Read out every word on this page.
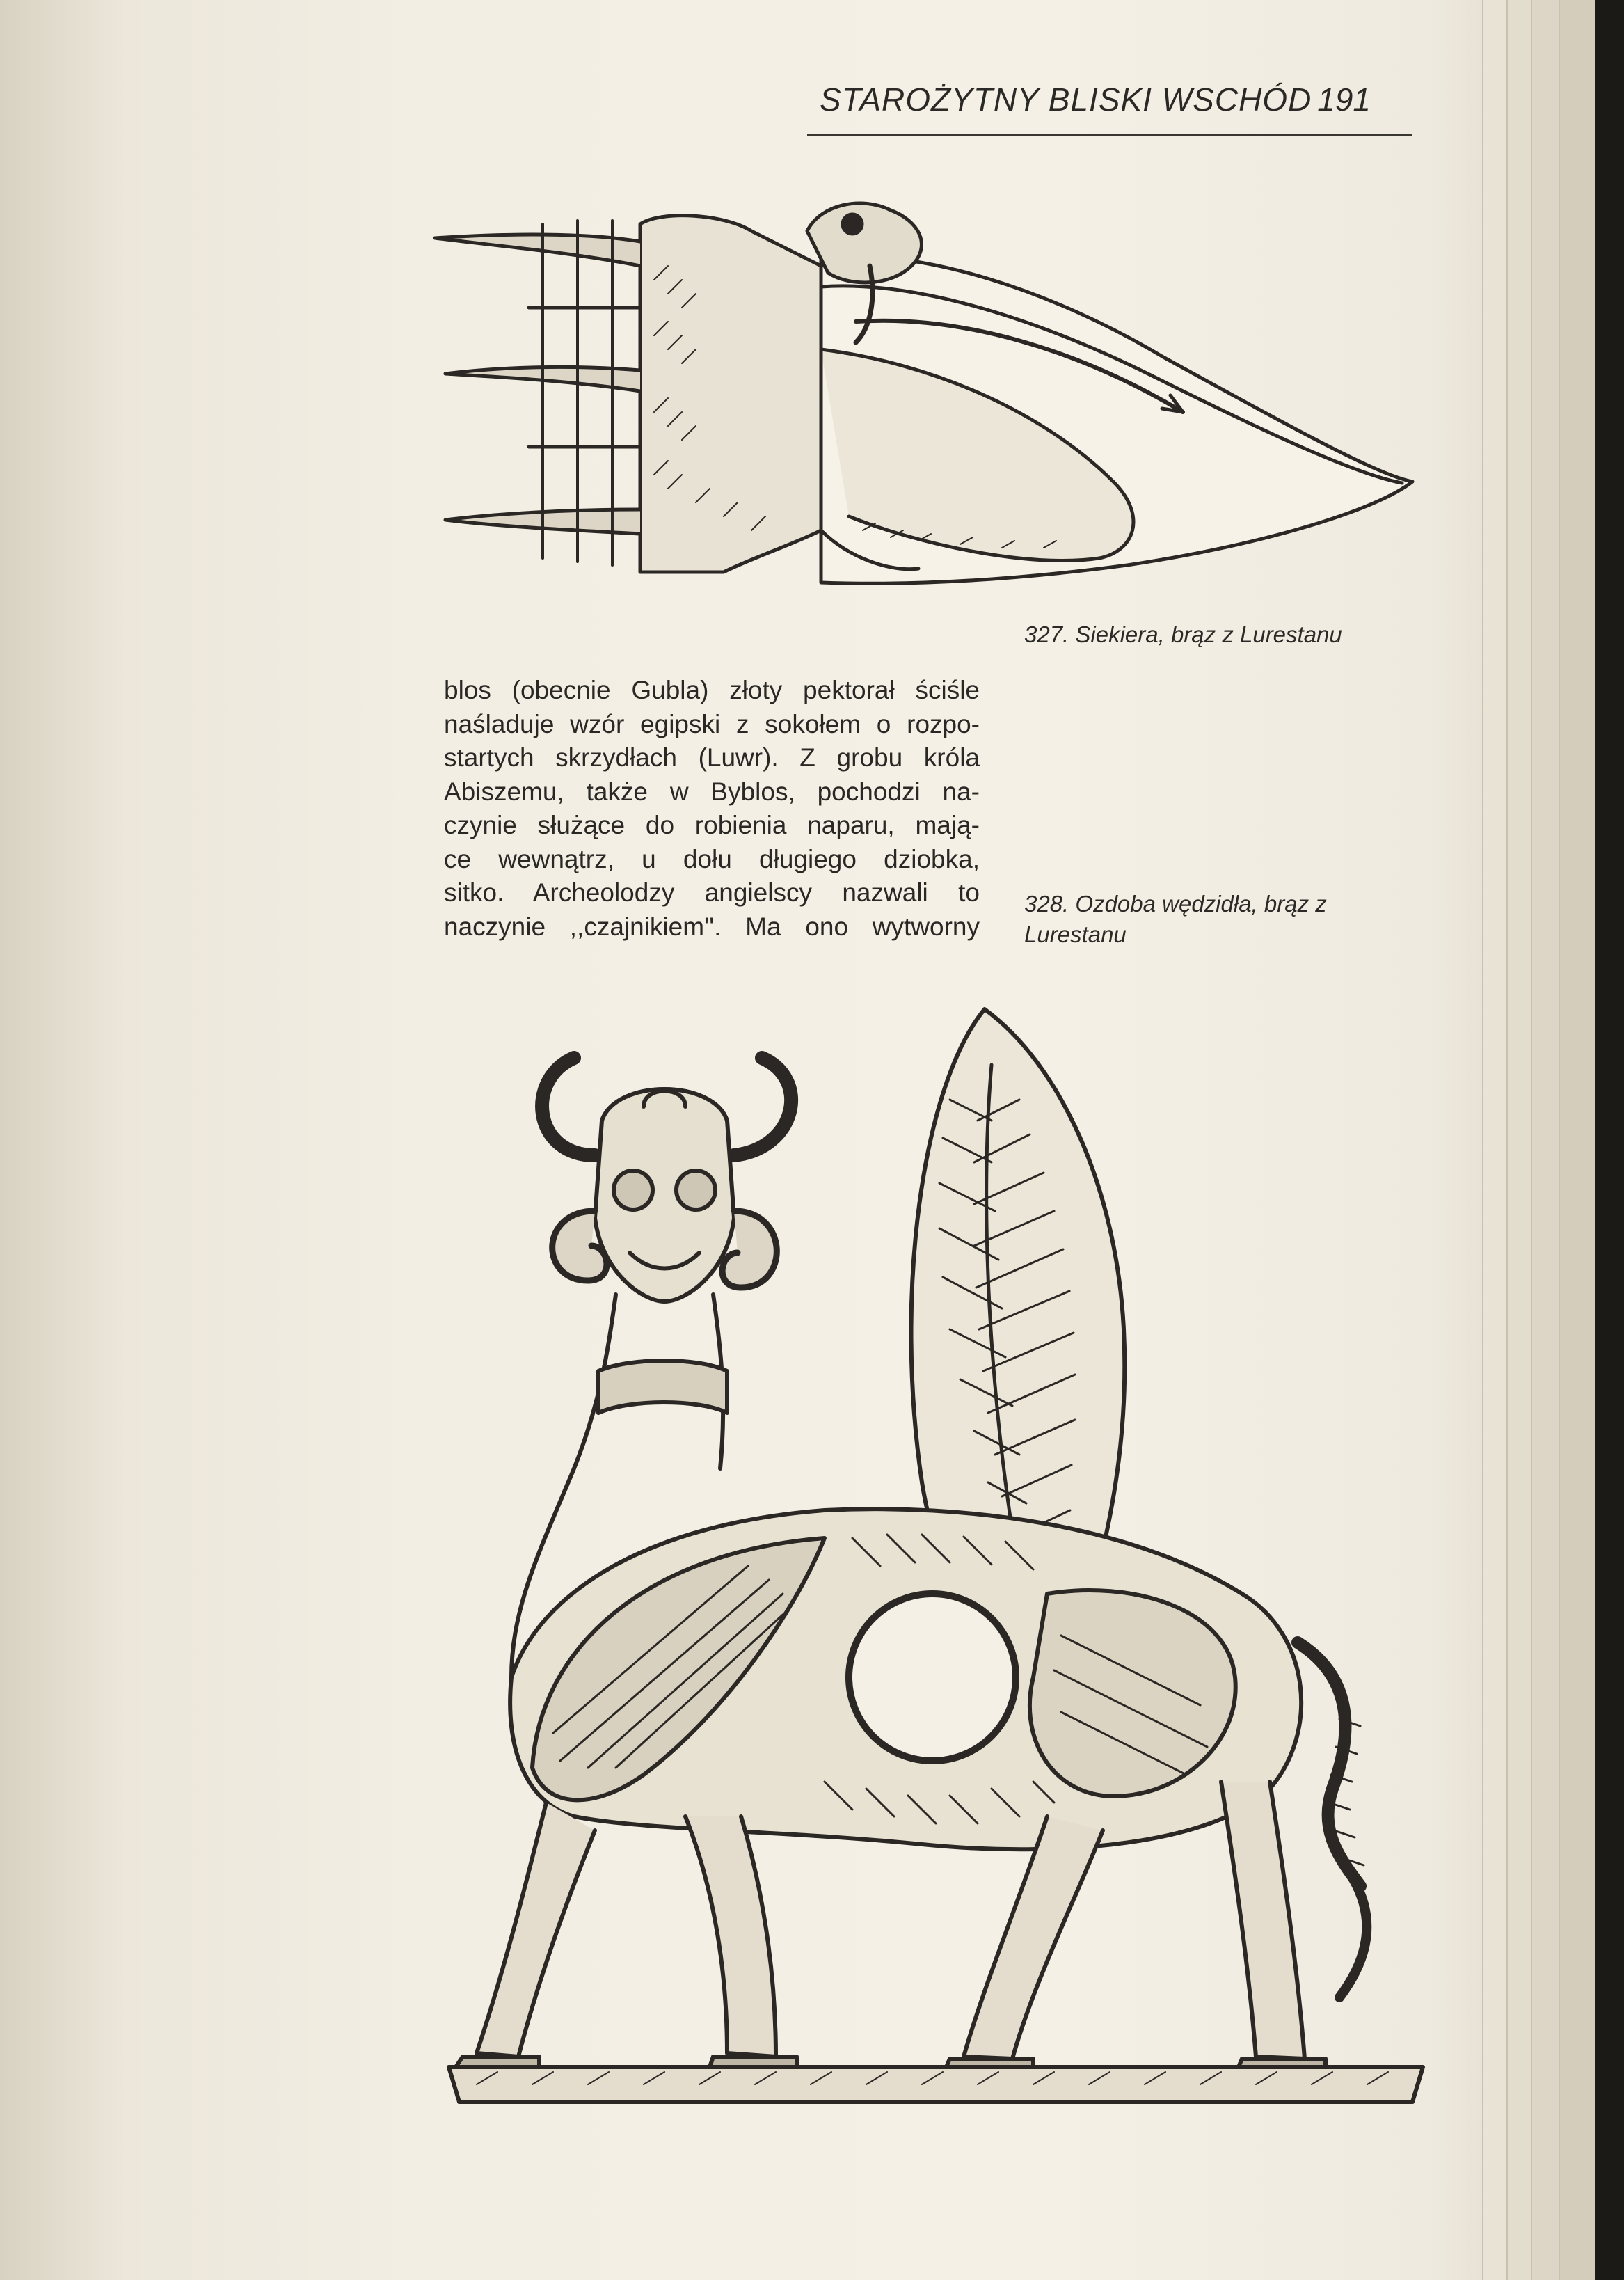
STAROŻYTNY BLISKI WSCHÓD 191
blos (obecnie Gubla) złoty pektorał ściśle
naśladuje wzór egipski z sokołem o rozpo-
startych skrzydłach (Luwr). Z grobu króla
Abiszemu, także w Byblos, pochodzi na-
czynie służące do robienia naparu, mają-
ce wewnątrz, u dołu długiego dziobka,
sitko. Archeolodzy angielscy nazwali to
naczynie ,,czajnikiem''. Ma ono wytworny
327. Siekiera, brąz z Lurestanu
328. Ozdoba wędzidła, brąz z Lurestanu
